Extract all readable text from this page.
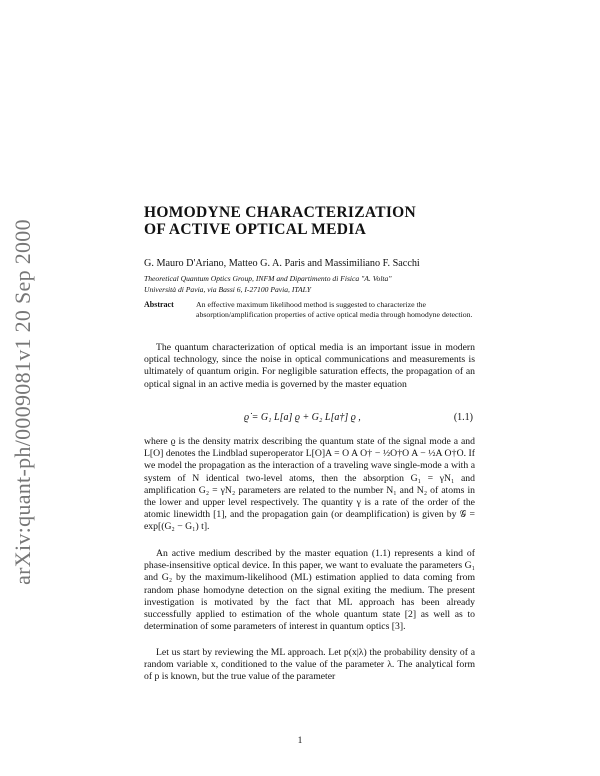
arXiv:quant-ph/0009081v1 20 Sep 2000
HOMODYNE CHARACTERIZATION
OF ACTIVE OPTICAL MEDIA
G. Mauro D'Ariano, Matteo G. A. Paris and Massimiliano F. Sacchi
Theoretical Quantum Optics Group, INFM and Dipartimento di Fisica "A. Volta"
Università di Pavia, via Bassi 6, I-27100 Pavia, ITALY
Abstract	An effective maximum likelihood method is suggested to characterize the absorption/amplification properties of active optical media through homodyne detection.

The quantum characterization of optical media is an important issue in modern optical technology, since the noise in optical communications and measurements is ultimately of quantum origin. For negligible saturation effects, the propagation of an optical signal in an active media is governed by the master equation

ϱ̇ = G₁ L[a] ϱ + G₂ L[a†] ϱ ,	(1.1)

where ϱ is the density matrix describing the quantum state of the signal mode a and L[O] denotes the Lindblad superoperator L[O]A = O A O† − ½O†O A − ½A O†O. If we model the propagation as the interaction of a traveling wave single-mode a with a system of N identical two-level atoms, then the absorption G₁ = γN₁ and amplification G₂ = γN₂ parameters are related to the number N₁ and N₂ of atoms in the lower and upper level respectively. The quantity γ is a rate of the order of the atomic linewidth [1], and the propagation gain (or deamplification) is given by 𝒢 = exp[(G₂ − G₁) t].

An active medium described by the master equation (1.1) represents a kind of phase-insensitive optical device. In this paper, we want to evaluate the parameters G₁ and G₂ by the maximum-likelihood (ML) estimation applied to data coming from random phase homodyne detection on the signal exiting the medium. The present investigation is motivated by the fact that ML approach has been already successfully applied to estimation of the whole quantum state [2] as well as to determination of some parameters of interest in quantum optics [3].

Let us start by reviewing the ML approach. Let p(x|λ) the probability density of a random variable x, conditioned to the value of the parameter λ. The analytical form of p is known, but the true value of the parameter

1
